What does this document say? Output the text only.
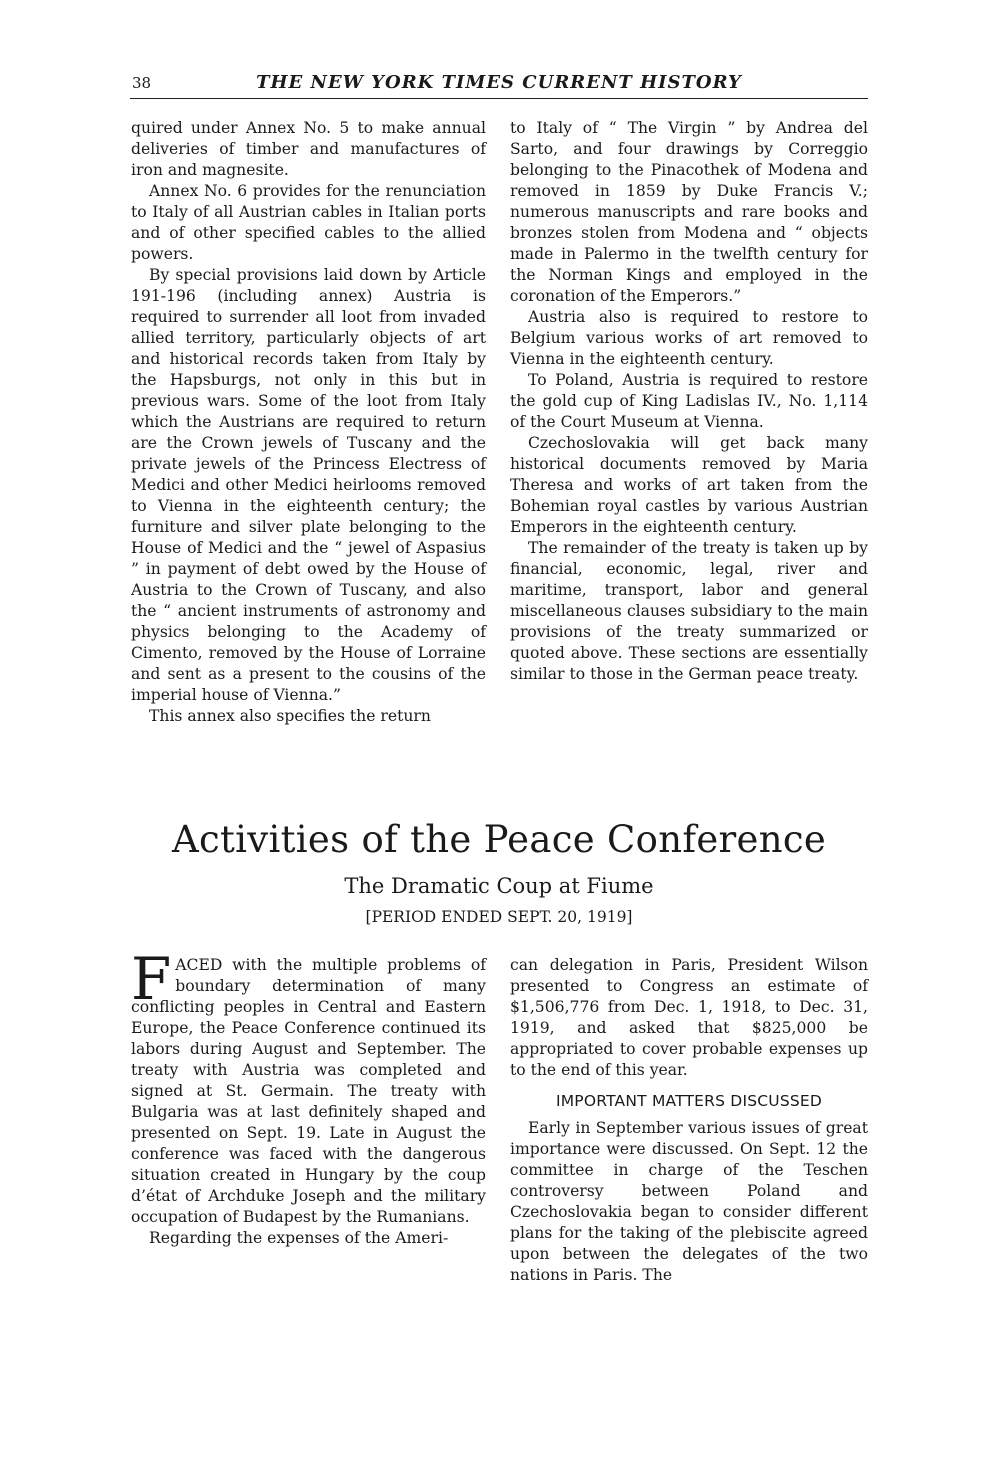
38	THE NEW YORK TIMES CURRENT HISTORY

quired under Annex No. 5 to make annual deliveries of timber and manufactures of iron and magnesite.

Annex No. 6 provides for the renunciation to Italy of all Austrian cables in Italian ports and of other specified cables to the allied powers.

By special provisions laid down by Article 191-196 (including annex) Austria is required to surrender all loot from invaded allied territory, particularly objects of art and historical records taken from Italy by the Hapsburgs, not only in this but in previous wars. Some of the loot from Italy which the Austrians are required to return are the Crown jewels of Tuscany and the private jewels of the Princess Electress of Medici and other Medici heirlooms removed to Vienna in the eighteenth century; the furniture and silver plate belonging to the House of Medici and the “ jewel of Aspasius ” in payment of debt owed by the House of Austria to the Crown of Tuscany, and also the “ ancient instruments of astronomy and physics belonging to the Academy of Cimento, removed by the House of Lorraine and sent as a present to the cousins of the imperial house of Vienna.”

This annex also specifies the return

to Italy of “ The Virgin ” by Andrea del Sarto, and four drawings by Correggio belonging to the Pinacothek of Modena and removed in 1859 by Duke Francis V.; numerous manuscripts and rare books and bronzes stolen from Modena and “ objects made in Palermo in the twelfth century for the Norman Kings and employed in the coronation of the Emperors.”

Austria also is required to restore to Belgium various works of art removed to Vienna in the eighteenth century.

To Poland, Austria is required to restore the gold cup of King Ladislas IV., No. 1,114 of the Court Museum at Vienna.

Czechoslovakia will get back many historical documents removed by Maria Theresa and works of art taken from the Bohemian royal castles by various Austrian Emperors in the eighteenth century.

The remainder of the treaty is taken up by financial, economic, legal, river and maritime, transport, labor and general miscellaneous clauses subsidiary to the main provisions of the treaty summarized or quoted above. These sections are essentially similar to those in the German peace treaty.

Activities of the Peace Conference
The Dramatic Coup at Fiume
[PERIOD ENDED SEPT. 20, 1919]

FACED with the multiple problems of boundary determination of many conflicting peoples in Central and Eastern Europe, the Peace Conference continued its labors during August and September. The treaty with Austria was completed and signed at St. Germain. The treaty with Bulgaria was at last definitely shaped and presented on Sept. 19. Late in August the conference was faced with the dangerous situation created in Hungary by the coup d’état of Archduke Joseph and the military occupation of Budapest by the Rumanians.

Regarding the expenses of the Ameri-

can delegation in Paris, President Wilson presented to Congress an estimate of $1,506,776 from Dec. 1, 1918, to Dec. 31, 1919, and asked that $825,000 be appropriated to cover probable expenses up to the end of this year.

IMPORTANT MATTERS DISCUSSED

Early in September various issues of great importance were discussed. On Sept. 12 the committee in charge of the Teschen controversy between Poland and Czechoslovakia began to consider different plans for the taking of the plebiscite agreed upon between the delegates of the two nations in Paris. The
